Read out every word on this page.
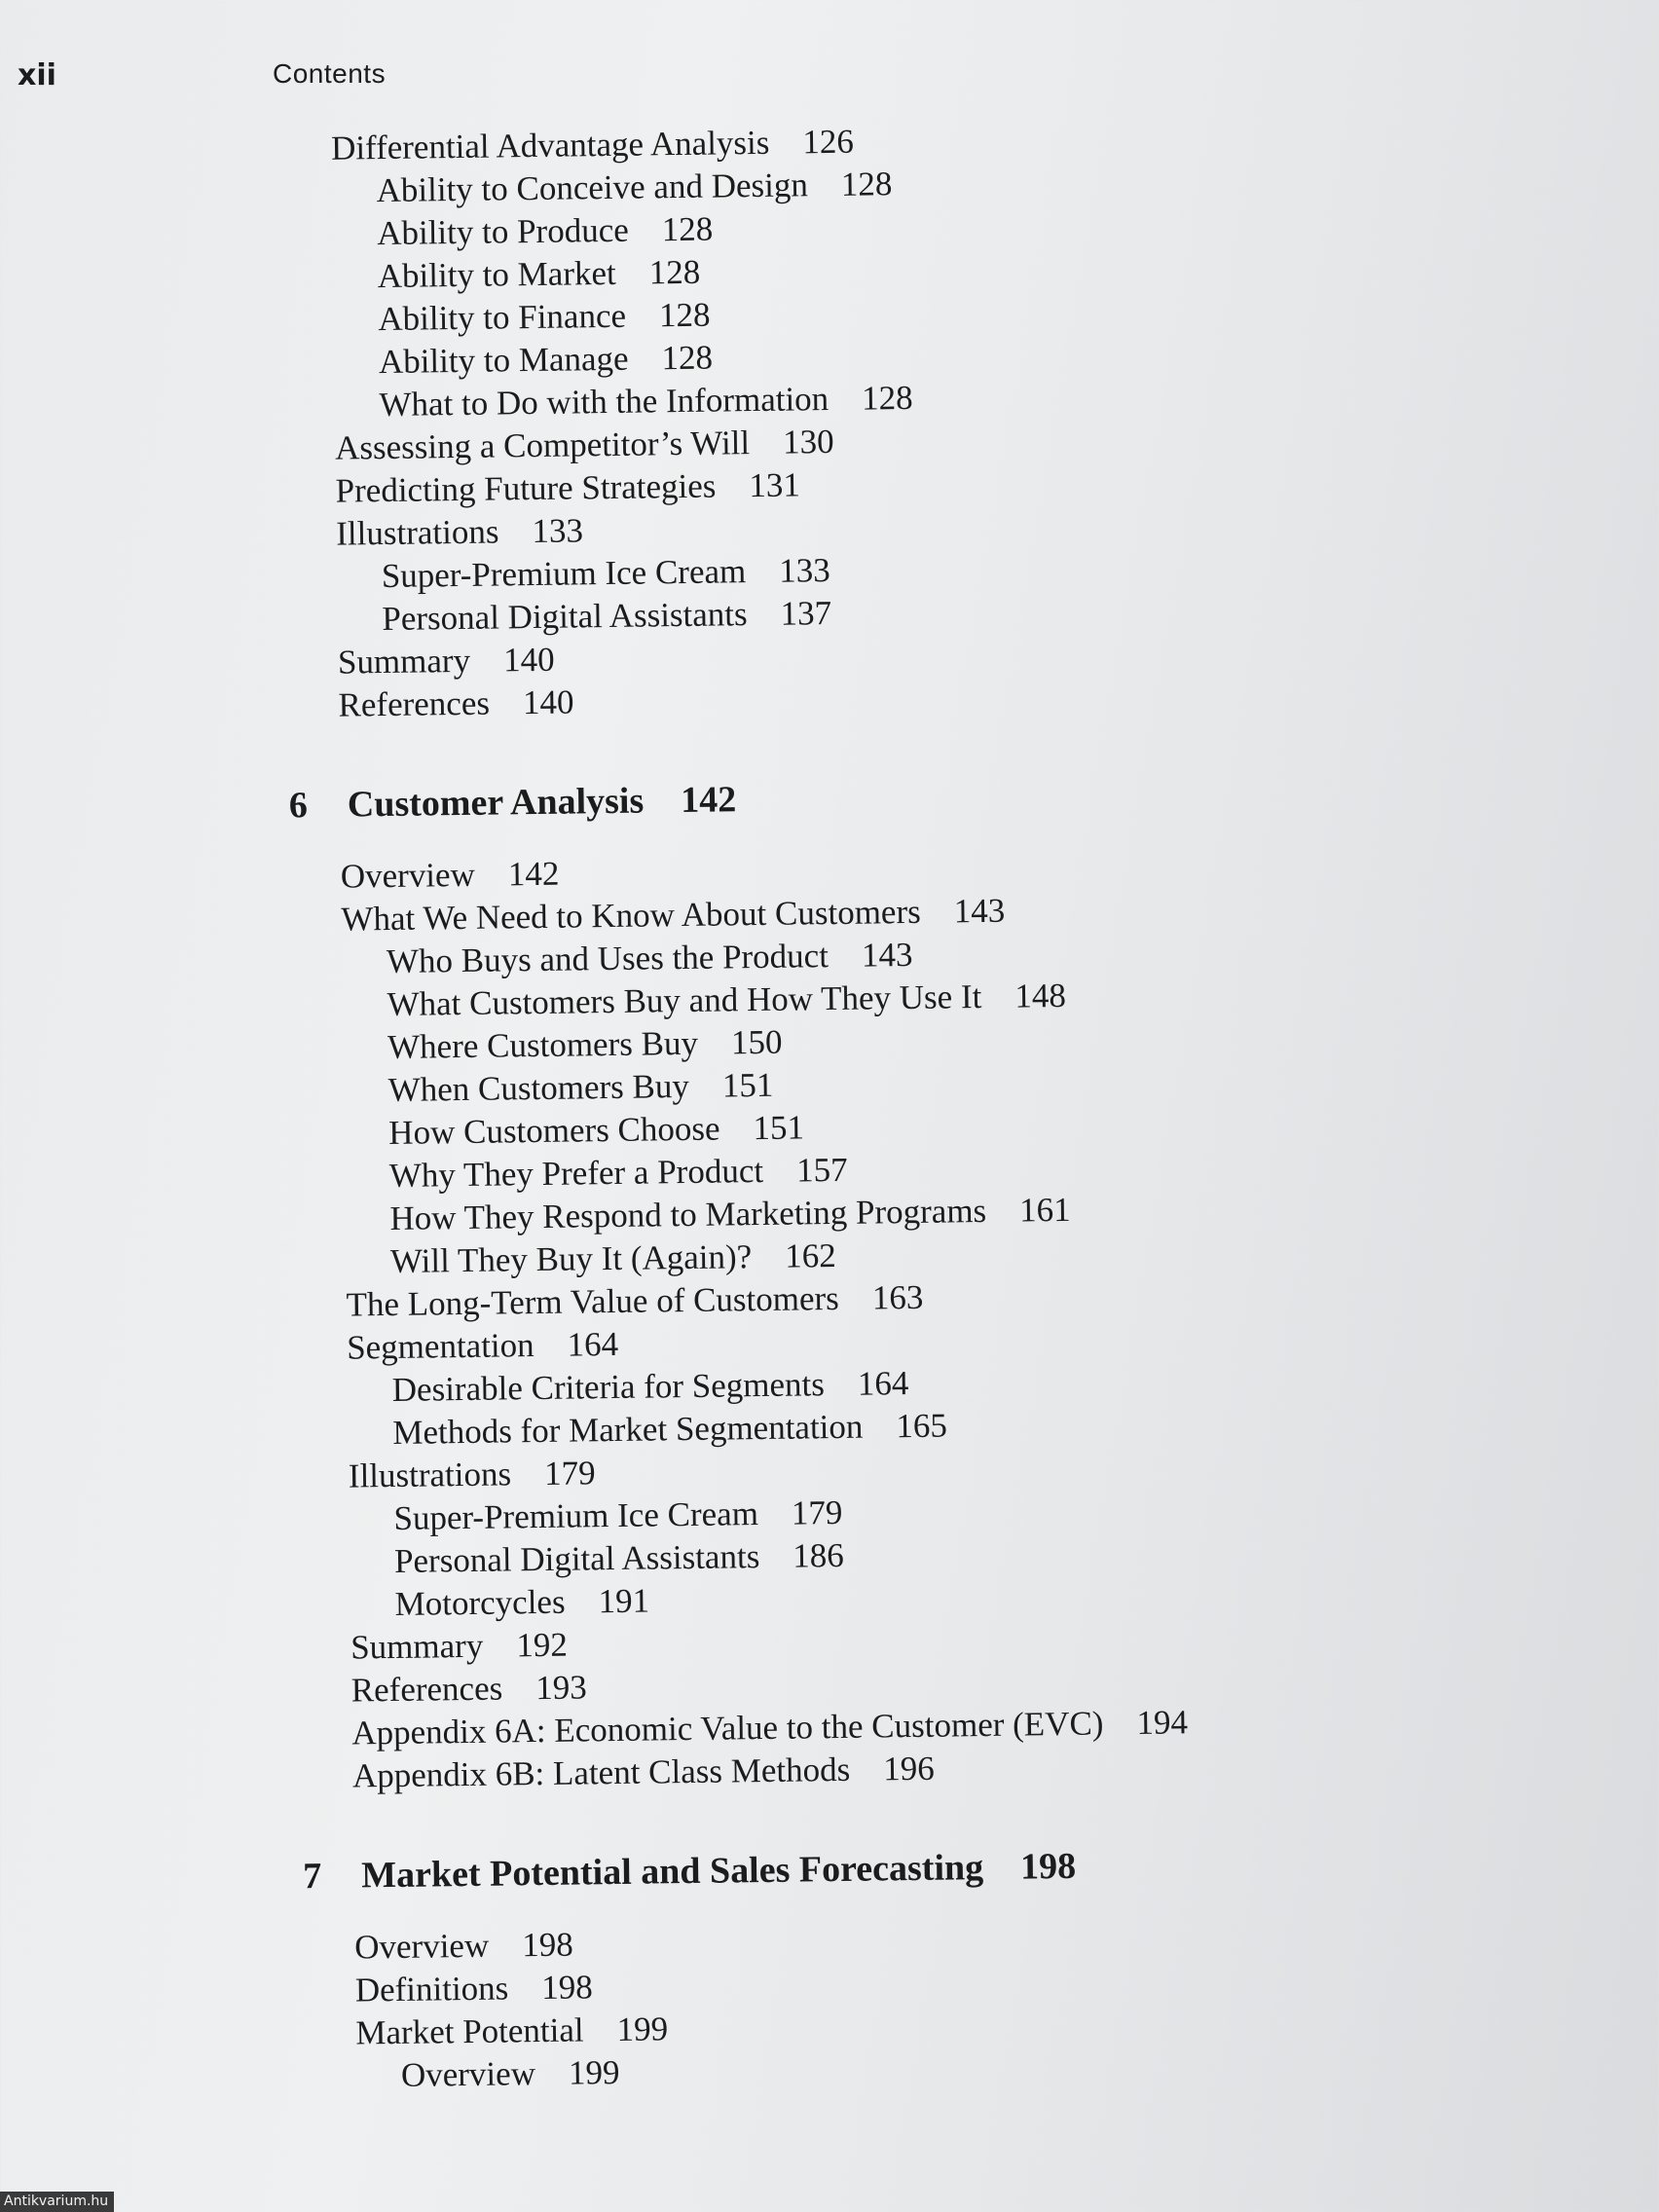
xii	Contents
Differential Advantage Analysis 126
Ability to Conceive and Design 128
Ability to Produce 128
Ability to Market 128
Ability to Finance 128
Ability to Manage 128
What to Do with the Information 128
Assessing a Competitor’s Will 130
Predicting Future Strategies 131
Illustrations 133
Super-Premium Ice Cream 133
Personal Digital Assistants 137
Summary 140
References 140
6 Customer Analysis 142
Overview 142
What We Need to Know About Customers 143
Who Buys and Uses the Product 143
What Customers Buy and How They Use It 148
Where Customers Buy 150
When Customers Buy 151
How Customers Choose 151
Why They Prefer a Product 157
How They Respond to Marketing Programs 161
Will They Buy It (Again)? 162
The Long-Term Value of Customers 163
Segmentation 164
Desirable Criteria for Segments 164
Methods for Market Segmentation 165
Illustrations 179
Super-Premium Ice Cream 179
Personal Digital Assistants 186
Motorcycles 191
Summary 192
References 193
Appendix 6A: Economic Value to the Customer (EVC) 194
Appendix 6B: Latent Class Methods 196
7 Market Potential and Sales Forecasting 198
Overview 198
Definitions 198
Market Potential 199
Overview 199
Antikvarium.hu
